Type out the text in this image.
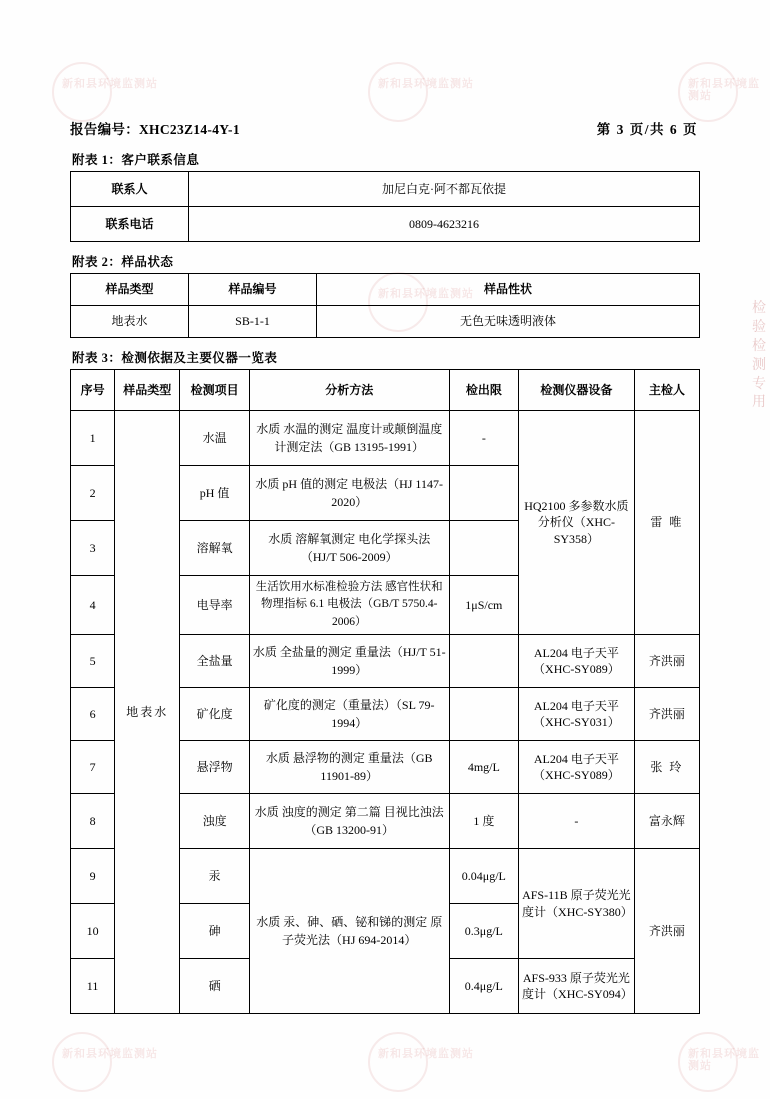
新和县环境监测站	新和县环境监测站	新和县环境监测站
新和县环境监测站
新和县环境监测站	新和县环境监测站	新和县环境监测站
检验检测专用
报告编号：XHC23Z14-4Y-1	第 3 页/共 6 页
附表 1：客户联系信息
联系人	加尼白克·阿不都瓦依提
联系电话	0809-4623216
附表 2：样品状态
样品类型	样品编号	样品性状
地表水	SB-1-1	无色无味透明液体
附表 3：检测依据及主要仪器一览表
序号	样品类型	检测项目	分析方法	检出限	检测仪器设备	主检人
1	地表水	水温	水质 水温的测定 温度计或颠倒温度计测定法（GB 13195-1991）	-	HQ2100 多参数水质分析仪（XHC-SY358）	雷 唯
2		pH 值	水质 pH 值的测定 电极法（HJ 1147-2020）			
3		溶解氧	水质 溶解氧测定 电化学探头法（HJ/T 506-2009）			
4		电导率	生活饮用水标准检验方法 感官性状和物理指标 6.1 电极法（GB/T 5750.4-2006）	1μS/cm		
5		全盐量	水质 全盐量的测定 重量法（HJ/T 51-1999）		AL204 电子天平（XHC-SY089）	齐洪丽
6		矿化度	矿化度的测定（重量法）（SL 79-1994）		AL204 电子天平（XHC-SY031）	齐洪丽
7		悬浮物	水质 悬浮物的测定 重量法（GB 11901-89）	4mg/L	AL204 电子天平（XHC-SY089）	张 玲
8		浊度	水质 浊度的测定 第二篇 目视比浊法（GB 13200-91）	1 度	-	富永辉
9		汞	水质 汞、砷、硒、铋和锑的测定 原子荧光法（HJ 694-2014）	0.04μg/L	AFS-11B 原子荧光光度计（XHC-SY380）	齐洪丽
10		砷		0.3μg/L		
11		硒		0.4μg/L	AFS-933 原子荧光光度计（XHC-SY094）	
